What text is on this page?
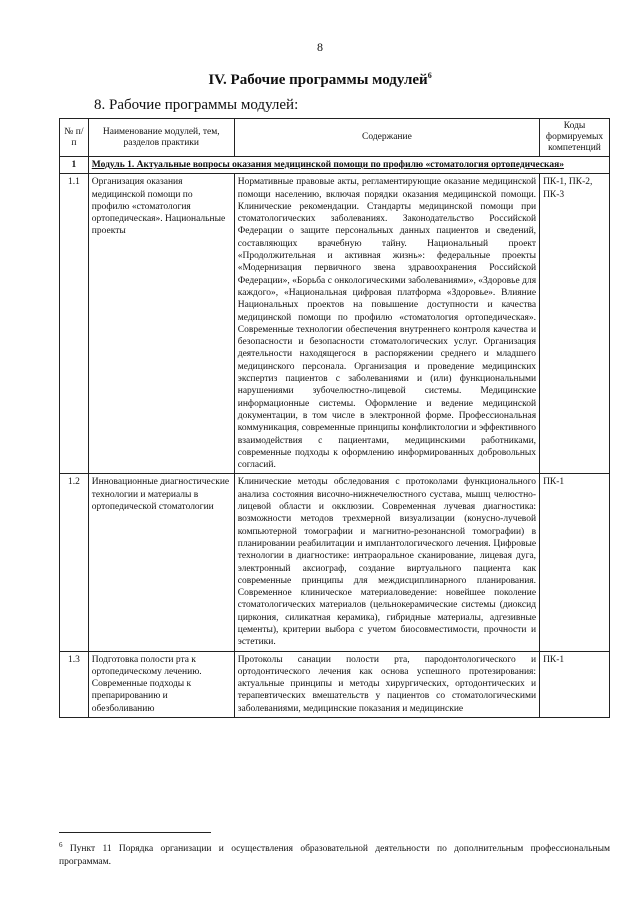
8
IV. Рабочие программы модулей$^6$
8. Рабочие программы модулей:
№ п/п	Наименование модулей, тем, разделов практики	Содержание	Коды формируемых компетенций
1	Модуль 1. Актуальные вопросы оказания медицинской помощи по профилю «стоматология ортопедическая»		
1.1	Организация оказания медицинской помощи по профилю «стоматология ортопедическая». Национальные проекты	Нормативные правовые акты, регламентирующие оказание медицинской помощи населению, включая порядки оказания медицинской помощи. Клинические рекомендации. Стандарты медицинской помощи при стоматологических заболеваниях. Законодательство Российской Федерации о защите персональных данных пациентов и сведений, составляющих врачебную тайну. Национальный проект «Продолжительная и активная жизнь»: федеральные проекты «Модернизация первичного звена здравоохранения Российской Федерации», «Борьба с онкологическими заболеваниями», «Здоровье для каждого», «Национальная цифровая платформа «Здоровье». Влияние Национальных проектов на повышение доступности и качества медицинской помощи по профилю «стоматология ортопедическая». Современные технологии обеспечения внутреннего контроля качества и безопасности и безопасности стоматологических услуг. Организация деятельности находящегося в распоряжении среднего и младшего медицинского персонала. Организация и проведение медицинских экспертиз пациентов с заболеваниями и (или) функциональными нарушениями зубочелюстно-лицевой системы. Медицинские информационные системы. Оформление и ведение медицинской документации, в том числе в электронной форме. Профессиональная коммуникация, современные принципы конфликтологии и эффективного взаимодействия с пациентами, медицинскими работниками, современные подходы к оформлению информированных добровольных согласий.	ПК-1, ПК-2, ПК-3
1.2	Инновационные диагностические технологии и материалы в ортопедической стоматологии	Клинические методы обследования с протоколами функционального анализа состояния височно-нижнечелюстного сустава, мышц челюстно-лицевой области и окклюзии. Современная лучевая диагностика: возможности методов трехмерной визуализации (конусно-лучевой компьютерной томографии и магнитно-резонансной томографии) в планировании реабилитации и имплантологического лечения. Цифровые технологии в диагностике: интраоральное сканирование, лицевая дуга, электронный аксиограф, создание виртуального пациента как современные принципы для междисциплинарного планирования. Современное клиническое материаловедение: новейшее поколение стоматологических материалов (цельнокерамические системы (диоксид циркония, силикатная керамика), гибридные материалы, адгезивные цементы), критерии выбора с учетом биосовместимости, прочности и эстетики.	ПК-1
1.3	Подготовка полости рта к ортопедическому лечению. Современные подходы к препарированию и обезболиванию	Протоколы санации полости рта, пародонтологического и ортодонтического лечения как основа успешного протезирования: актуальные принципы и методы хирургических, ортодонтических и терапевтических вмешательств у пациентов со стоматологическими заболеваниями, медицинские показания и медицинские	ПК-1
$^6$ Пункт 11 Порядка организации и осуществления образовательной деятельности по дополнительным профессиональным программам.
